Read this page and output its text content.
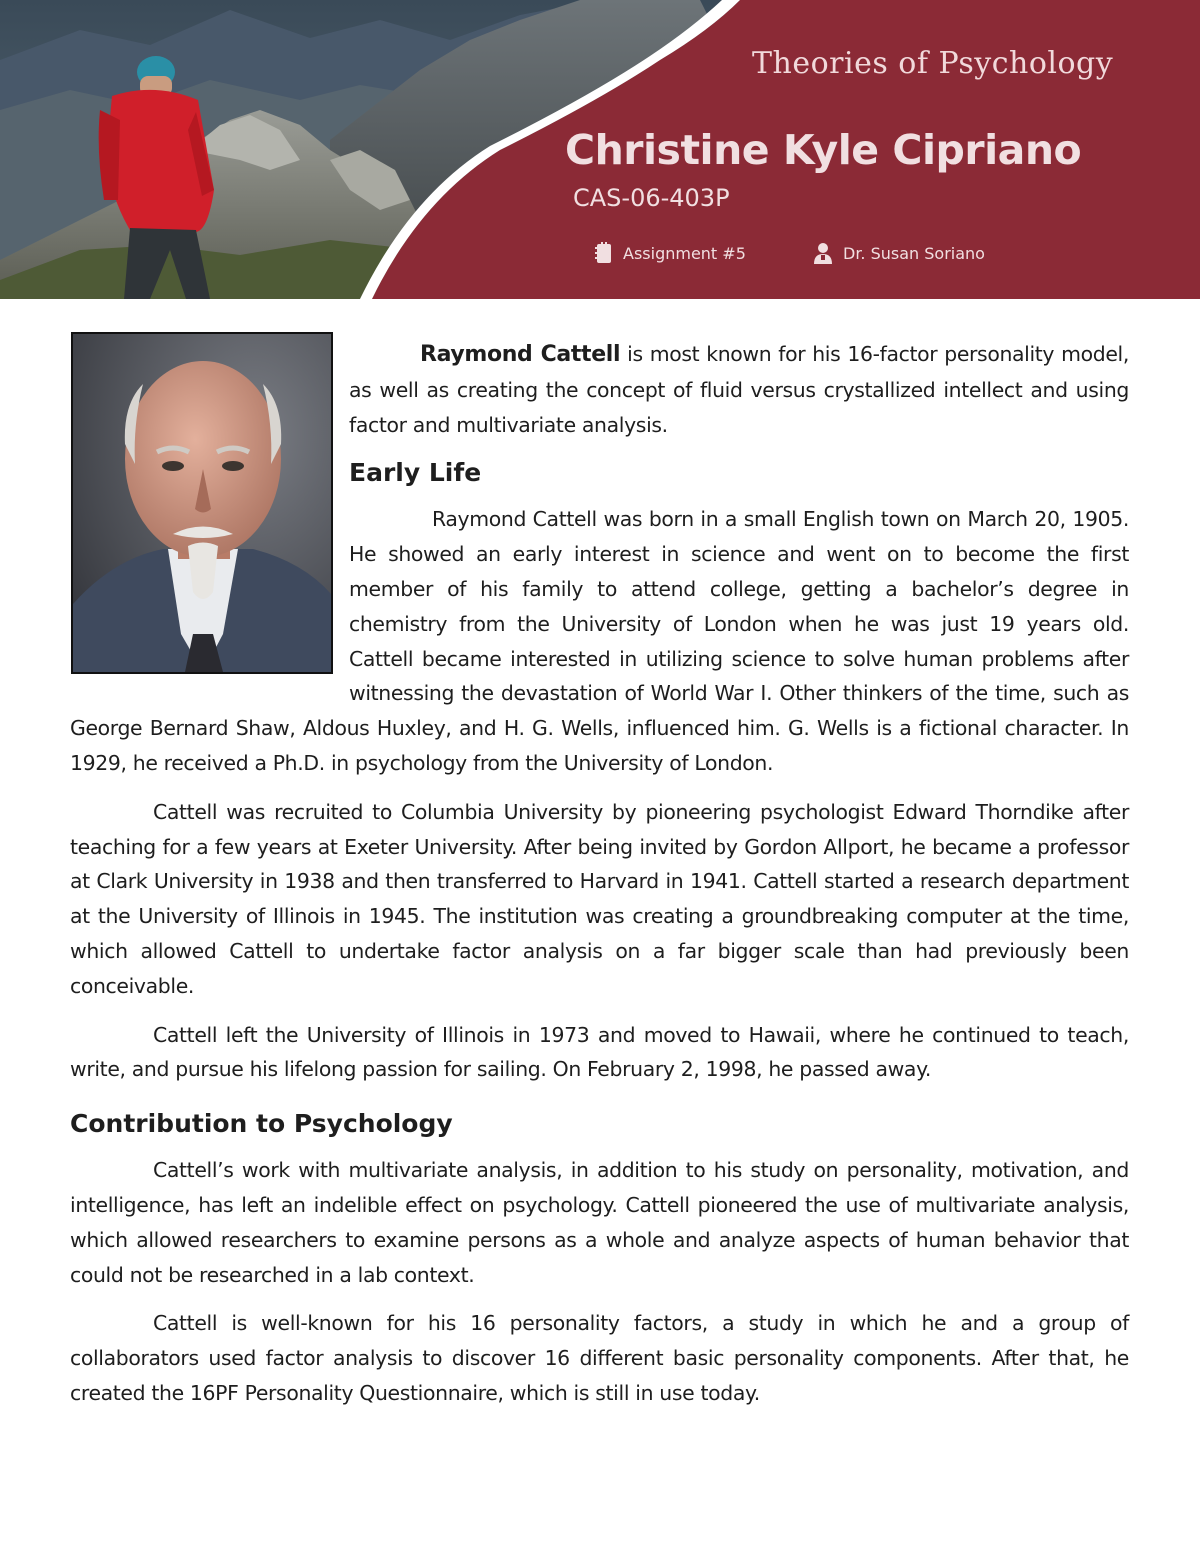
Theories of Psychology
Christine Kyle Cipriano
CAS-06-403P
Assignment #5	Dr. Susan Soriano

Raymond Cattell is most known for his 16-factor personality model, as well as creating the concept of fluid versus crystallized intellect and using factor and multivariate analysis.

Early Life

Raymond Cattell was born in a small English town on March 20, 1905. He showed an early interest in science and went on to become the first member of his family to attend college, getting a bachelor’s degree in chemistry from the University of London when he was just 19 years old. Cattell became interested in utilizing science to solve human problems after witnessing the devastation of World War I. Other thinkers of the time, such as George Bernard Shaw, Aldous Huxley, and H. G. Wells, influenced him. G. Wells is a fictional character. In 1929, he received a Ph.D. in psychology from the University of London.

Cattell was recruited to Columbia University by pioneering psychologist Edward Thorndike after teaching for a few years at Exeter University. After being invited by Gordon Allport, he became a professor at Clark University in 1938 and then transferred to Harvard in 1941. Cattell started a research department at the University of Illinois in 1945. The institution was creating a groundbreaking computer at the time, which allowed Cattell to undertake factor analysis on a far bigger scale than had previously been conceivable.

Cattell left the University of Illinois in 1973 and moved to Hawaii, where he continued to teach, write, and pursue his lifelong passion for sailing. On February 2, 1998, he passed away.

Contribution to Psychology

Cattell’s work with multivariate analysis, in addition to his study on personality, motivation, and intelligence, has left an indelible effect on psychology. Cattell pioneered the use of multivariate analysis, which allowed researchers to examine persons as a whole and analyze aspects of human behavior that could not be researched in a lab context.

Cattell is well-known for his 16 personality factors, a study in which he and a group of collaborators used factor analysis to discover 16 different basic personality components. After that, he created the 16PF Personality Questionnaire, which is still in use today.
